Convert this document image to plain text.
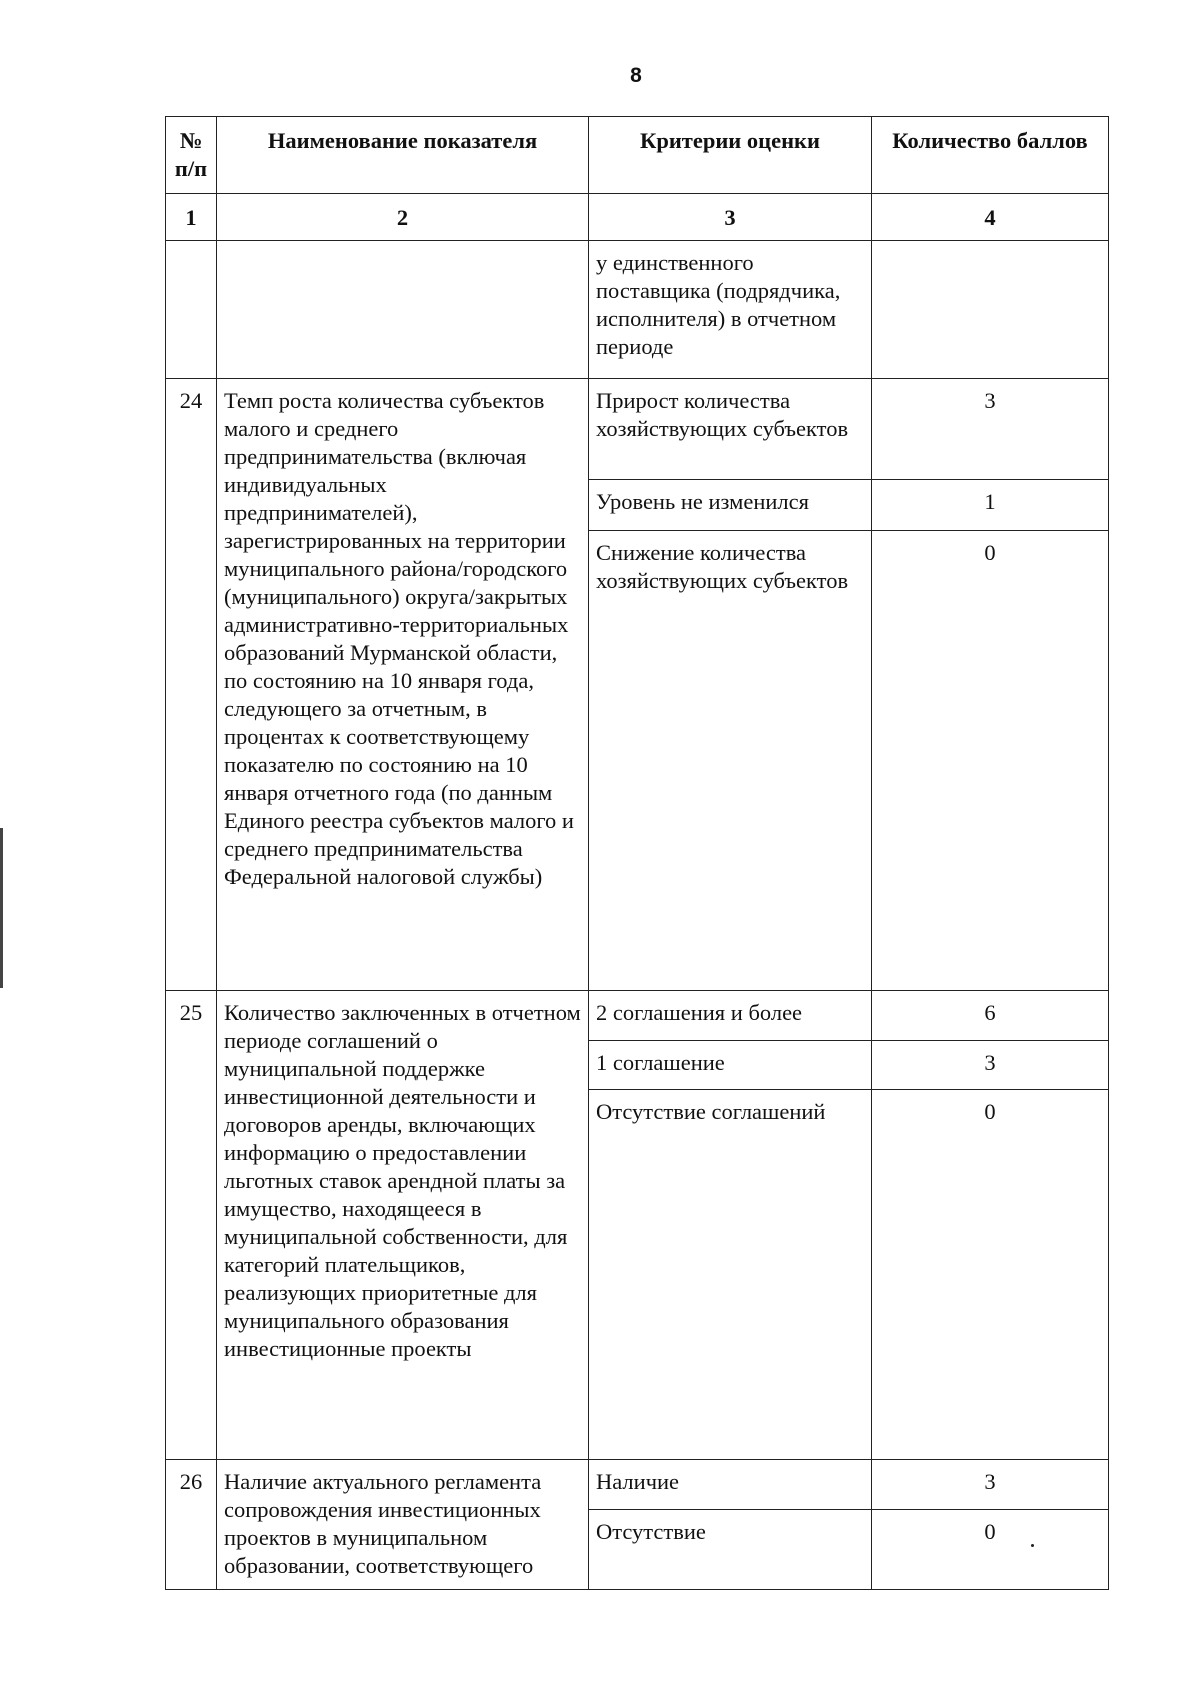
8
№ п/п	Наименование показателя	Критерии оценки	Количество баллов
1	2	3	4
		у единственного поставщика (подрядчика, исполнителя) в отчетном периоде	
24	Темп роста количества субъектов малого и среднего предпринимательства (включая индивидуальных предпринимателей), зарегистрированных на территории муниципального района/городского (муниципального) округа/закрытых административно-территориальных образований Мурманской области, по состоянию на 10 января года, следующего за отчетным, в процентах к соответствующему показателю по состоянию на 10 января отчетного года (по данным Единого реестра субъектов малого и среднего предпринимательства Федеральной налоговой службы)	Прирост количества хозяйствующих субъектов	3
		Уровень не изменился	1
		Снижение количества хозяйствующих субъектов	0
25	Количество заключенных в отчетном периоде соглашений о муниципальной поддержке инвестиционной деятельности и договоров аренды, включающих информацию о предоставлении льготных ставок арендной платы за имущество, находящееся в муниципальной собственности, для категорий плательщиков, реализующих приоритетные для муниципального образования инвестиционные проекты	2 соглашения и более	6
		1 соглашение	3
		Отсутствие соглашений	0
26	Наличие актуального регламента сопровождения инвестиционных проектов в муниципальном образовании, соответствующего	Наличие	3
		Отсутствие	0
